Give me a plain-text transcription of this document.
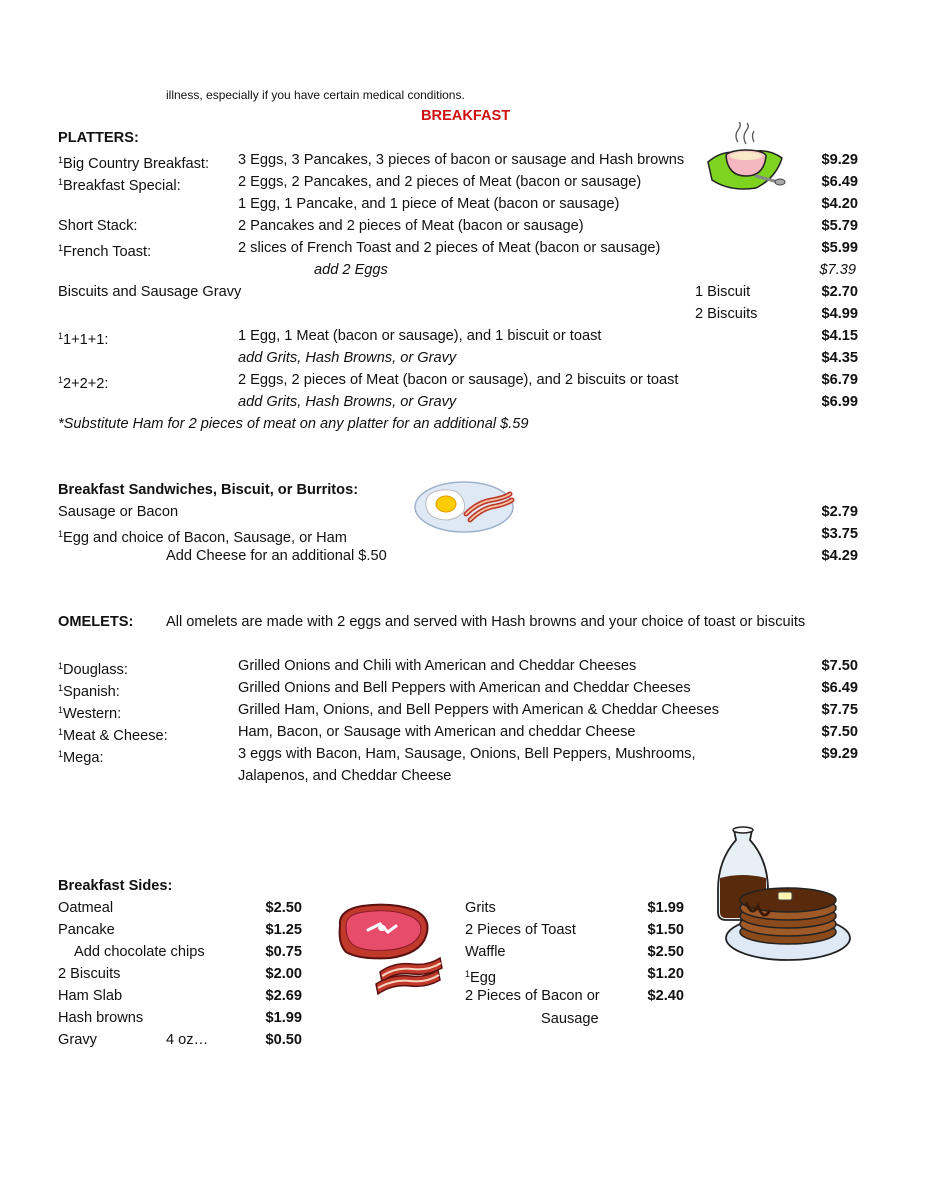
illness, especially if you have certain medical conditions.
BREAKFAST
PLATTERS:
$^1$Big Country Breakfast: 3 Eggs, 3 Pancakes, 3 pieces of bacon or sausage and Hash browns	$9.29
$^1$Breakfast Special:	2 Eggs, 2 Pancakes, and 2 pieces of Meat (bacon or sausage)	$6.49
1 Egg, 1 Pancake, and 1 piece of Meat (bacon or sausage)	$4.20
Short Stack:	2 Pancakes and 2 pieces of Meat (bacon or sausage)	$5.79
$^1$French Toast:	2 slices of French Toast and 2 pieces of Meat (bacon or sausage)	$5.99
add 2 Eggs	$7.39
Biscuits and Sausage Gravy	1 Biscuit	$2.70
2 Biscuits	$4.99
$^1$1+1+1:	1 Egg, 1 Meat (bacon or sausage), and 1 biscuit or toast	$4.15
add Grits, Hash Browns, or Gravy	$4.35
$^1$2+2+2:	2 Eggs, 2 pieces of Meat (bacon or sausage), and 2 biscuits or toast	$6.79
add Grits, Hash Browns, or Gravy	$6.99
*Substitute Ham for 2 pieces of meat on any platter for an additional $.59
Breakfast Sandwiches, Biscuit, or Burritos:
Sausage or Bacon	$2.79
$^1$Egg and choice of Bacon, Sausage, or Ham	$3.75
Add Cheese for an additional $.50	$4.29
OMELETS: All omelets are made with 2 eggs and served with Hash browns and your choice of toast or biscuits
$^1$Douglass:	Grilled Onions and Chili with American and Cheddar Cheeses	$7.50
$^1$Spanish:	Grilled Onions and Bell Peppers with American and Cheddar Cheeses	$6.49
$^1$Western:	Grilled Ham, Onions, and Bell Peppers with American & Cheddar Cheeses	$7.75
$^1$Meat & Cheese:	Ham, Bacon, or Sausage with American and cheddar Cheese	$7.50
$^1$Mega:	3 eggs with Bacon, Ham, Sausage, Onions, Bell Peppers, Mushrooms,	$9.29
Jalapenos, and Cheddar Cheese
Breakfast Sides:
Oatmeal	$2.50
Pancake	$1.25
Add chocolate chips	$0.75
2 Biscuits	$2.00
Ham Slab	$2.69
Hash browns	$1.99
Gravy	4 oz…	$0.50
Grits	$1.99
2 Pieces of Toast	$1.50
Waffle	$2.50
$^1$Egg	$1.20
2 Pieces of Bacon or	$2.40
Sausage
